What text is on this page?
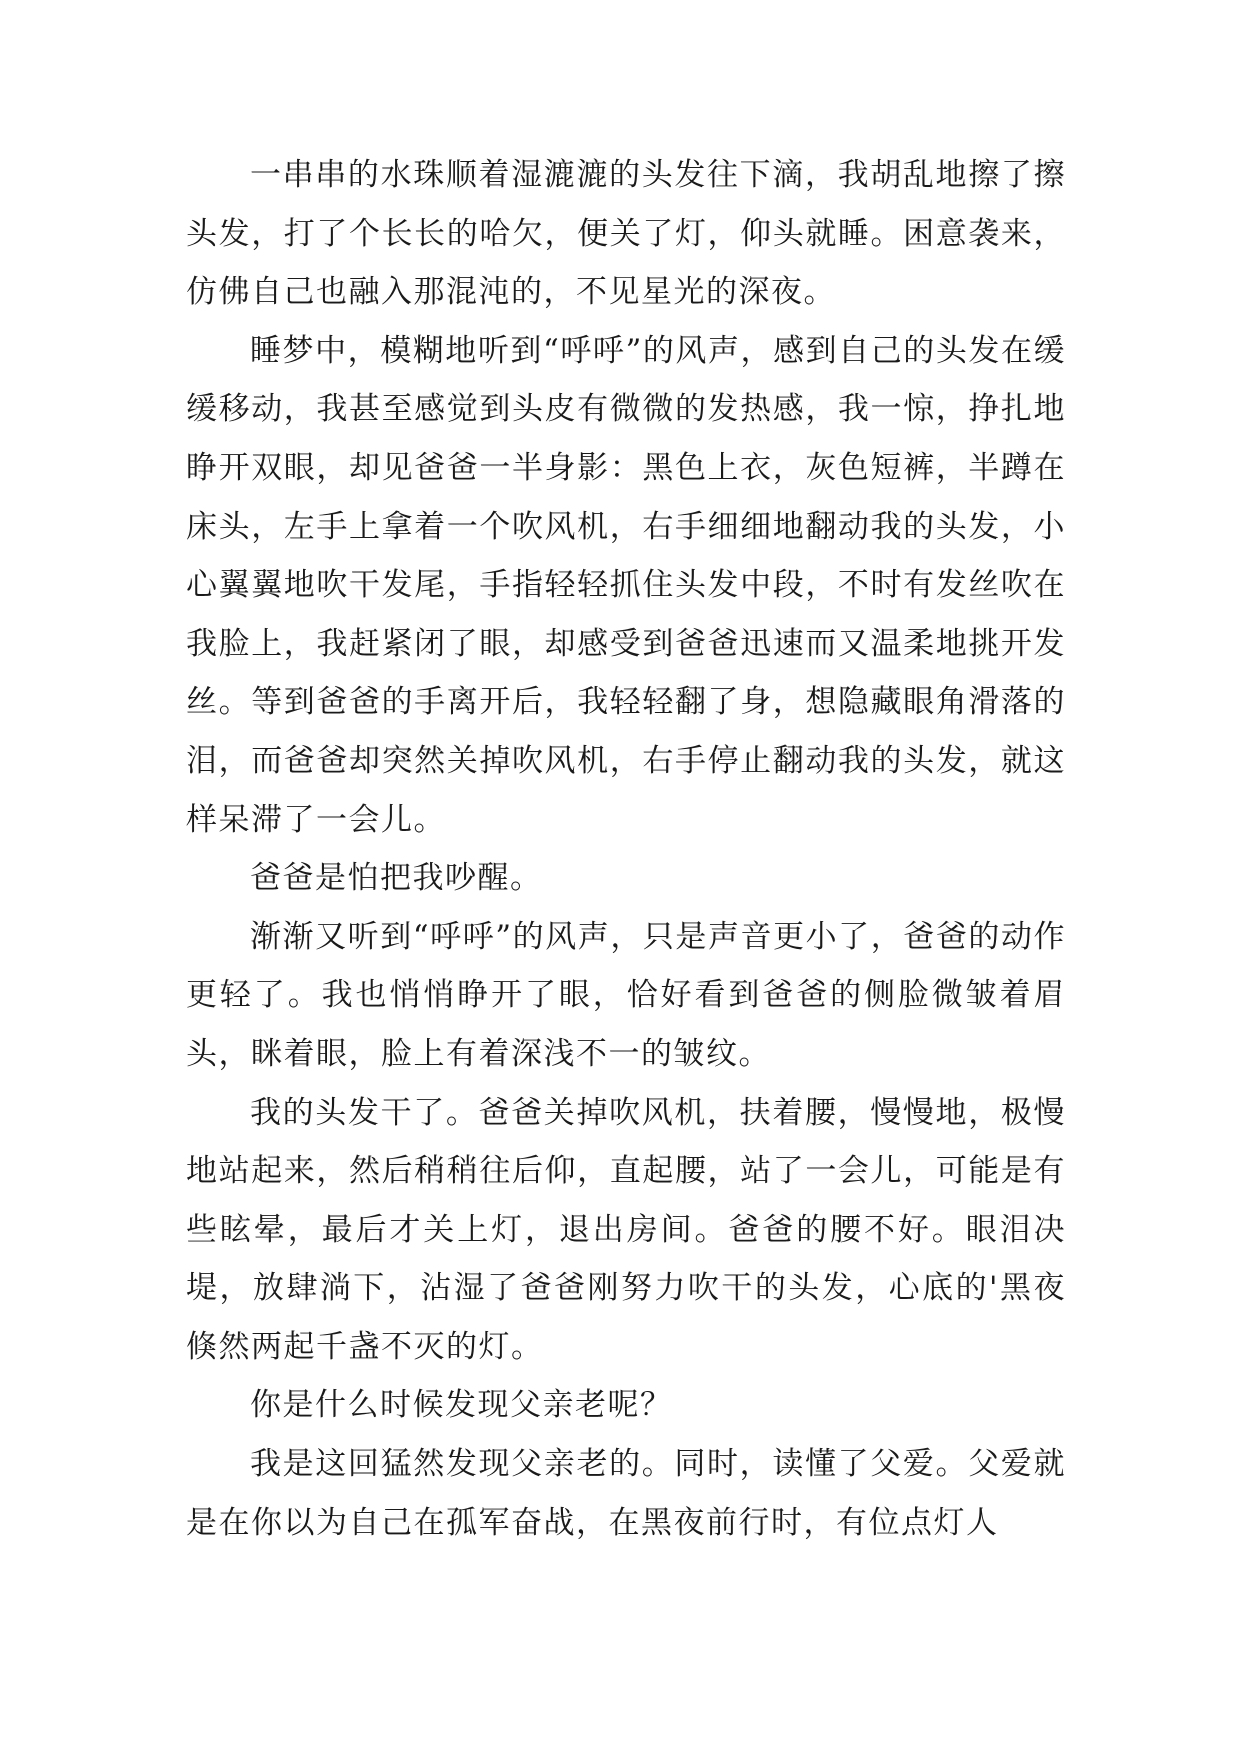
一串串的水珠顺着湿漉漉的头发往下滴，我胡乱地擦了擦头发，打了个长长的哈欠，便关了灯，仰头就睡。困意袭来，仿佛自己也融入那混沌的，不见星光的深夜。

睡梦中，模糊地听到“呼呼”的风声，感到自己的头发在缓缓移动，我甚至感觉到头皮有微微的发热感，我一惊，挣扎地睁开双眼，却见爸爸一半身影：黑色上衣，灰色短裤，半蹲在床头，左手上拿着一个吹风机，右手细细地翻动我的头发，小心翼翼地吹干发尾，手指轻轻抓住头发中段，不时有发丝吹在我脸上，我赶紧闭了眼，却感受到爸爸迅速而又温柔地挑开发丝。等到爸爸的手离开后，我轻轻翻了身，想隐藏眼角滑落的泪，而爸爸却突然关掉吹风机，右手停止翻动我的头发，就这样呆滞了一会儿。

爸爸是怕把我吵醒。

渐渐又听到“呼呼”的风声，只是声音更小了，爸爸的动作更轻了。我也悄悄睁开了眼，恰好看到爸爸的侧脸微皱着眉头，眯着眼，脸上有着深浅不一的皱纹。

我的头发干了。爸爸关掉吹风机，扶着腰，慢慢地，极慢地站起来，然后稍稍往后仰，直起腰，站了一会儿，可能是有些眩晕，最后才关上灯，退出房间。爸爸的腰不好。眼泪决堤，放肆淌下，沾湿了爸爸刚努力吹干的头发，心底的'黑夜倏然两起千盏不灭的灯。

你是什么时候发现父亲老呢？

我是这回猛然发现父亲老的。同时，读懂了父爱。父爱就是在你以为自己在孤军奋战，在黑夜前行时，有位点灯人
